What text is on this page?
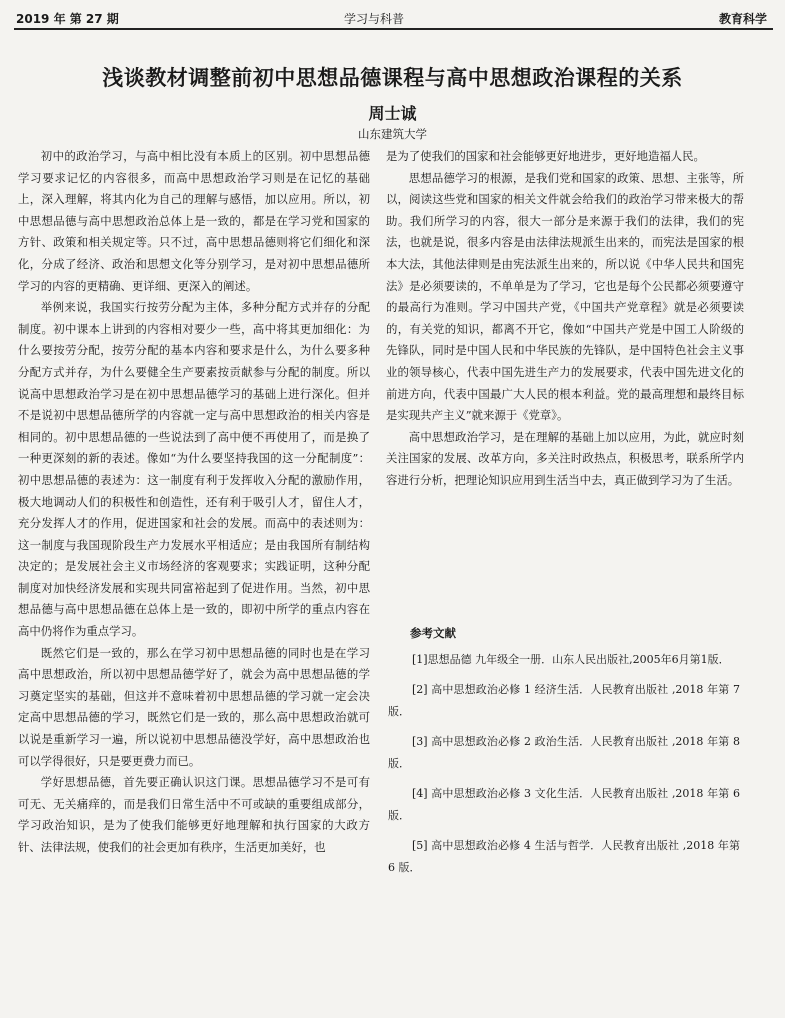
2019 年 第 27 期	学习与科普	教育科学
浅谈教材调整前初中思想品德课程与高中思想政治课程的关系
周士诚
山东建筑大学

初中的政治学习，与高中相比没有本质上的区别。初中思想品德学习要求记忆的内容很多，而高中思想政治学习则是在记忆的基础上，深入理解，将其内化为自己的理解与感悟，加以应用。所以，初中思想品德与高中思想政治总体上是一致的，都是在学习党和国家的方针、政策和相关规定等。只不过，高中思想品德则将它们细化和深化，分成了经济、政治和思想文化等分别学习，是对初中思想品德所学习的内容的更精确、更详细、更深入的阐述。

举例来说，我国实行按劳分配为主体，多种分配方式并存的分配制度。初中课本上讲到的内容相对要少一些，高中将其更加细化：为什么要按劳分配，按劳分配的基本内容和要求是什么，为什么要多种分配方式并存，为什么要健全生产要素按贡献参与分配的制度。所以说高中思想政治学习是在初中思想品德学习的基础上进行深化。但并不是说初中思想品德所学的内容就一定与高中思想政治的相关内容是相同的。初中思想品德的一些说法到了高中便不再使用了，而是换了一种更深刻的新的表述。像如“为什么要坚持我国的这一分配制度”：初中思想品德的表述为：这一制度有利于发挥收入分配的激励作用，极大地调动人们的积极性和创造性，还有利于吸引人才，留住人才，充分发挥人才的作用，促进国家和社会的发展。而高中的表述则为：这一制度与我国现阶段生产力发展水平相适应；是由我国所有制结构决定的；是发展社会主义市场经济的客观要求；实践证明，这种分配制度对加快经济发展和实现共同富裕起到了促进作用。当然，初中思想品德与高中思想品德在总体上是一致的，即初中所学的重点内容在高中仍将作为重点学习。

既然它们是一致的，那么在学习初中思想品德的同时也是在学习高中思想政治，所以初中思想品德学好了，就会为高中思想品德的学习奠定坚实的基础，但这并不意味着初中思想品德的学习就一定会决定高中思想品德的学习，既然它们是一致的，那么高中思想政治就可以说是重新学习一遍，所以说初中思想品德没学好，高中思想政治也可以学得很好，只是要更费力而已。

学好思想品德，首先要正确认识这门课。思想品德学习不是可有可无、无关痛痒的，而是我们日常生活中不可或缺的重要组成部分，学习政治知识，是为了使我们能够更好地理解和执行国家的大政方针、法律法规，使我们的社会更加有秩序，生活更加美好，也

是为了使我们的国家和社会能够更好地进步，更好地造福人民。

思想品德学习的根源，是我们党和国家的政策、思想、主张等，所以，阅读这些党和国家的相关文件就会给我们的政治学习带来极大的帮助。我们所学习的内容，很大一部分是来源于我们的法律，我们的宪法，也就是说，很多内容是由法律法规派生出来的，而宪法是国家的根本大法，其他法律则是由宪法派生出来的，所以说《中华人民共和国宪法》是必须要读的，不单单是为了学习，它也是每个公民都必须要遵守的最高行为准则。学习中国共产党，《中国共产党章程》就是必须要读的，有关党的知识，都离不开它，像如“中国共产党是中国工人阶级的先锋队，同时是中国人民和中华民族的先锋队，是中国特色社会主义事业的领导核心，代表中国先进生产力的发展要求，代表中国先进文化的前进方向，代表中国最广大人民的根本利益。党的最高理想和最终目标是实现共产主义”就来源于《党章》。

高中思想政治学习，是在理解的基础上加以应用，为此，就应时刻关注国家的发展、改革方向，多关注时政热点，积极思考，联系所学内容进行分析，把理论知识应用到生活当中去，真正做到学习为了生活。

参考文献
[1]思想品德 九年级全一册．山东人民出版社,2005年6月第1版．
[2] 高中思想政治必修 1 经济生活．人民教育出版社 ,2018 年第 7 版．
[3] 高中思想政治必修 2 政治生活．人民教育出版社 ,2018 年第 8 版．
[4] 高中思想政治必修 3 文化生活．人民教育出版社 ,2018 年第 6 版．
[5] 高中思想政治必修 4 生活与哲学．人民教育出版社 ,2018 年第 6 版．
